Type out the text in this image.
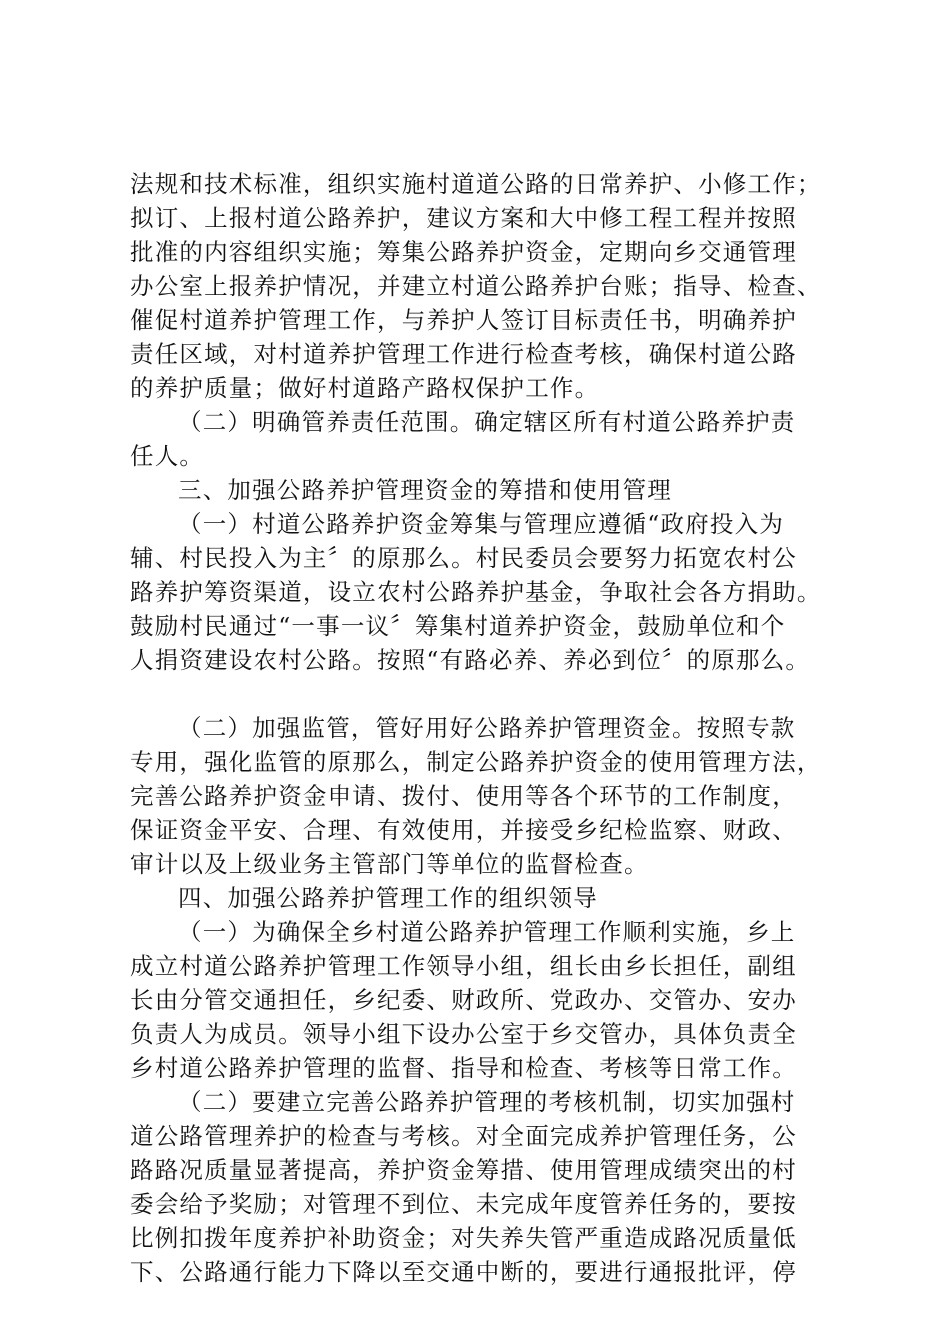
法规和技术标准，组织实施村道道公路的日常养护、小修工作；
拟订、上报村道公路养护，建议方案和大中修工程工程并按照
批准的内容组织实施；筹集公路养护资金，定期向乡交通管理
办公室上报养护情况，并建立村道公路养护台账；指导、检查、
催促村道养护管理工作，与养护人签订目标责任书，明确养护
责任区域，对村道养护管理工作进行检查考核，确保村道公路
的养护质量；做好村道路产路权保护工作。
（二）明确管养责任范围。确定辖区所有村道公路养护责
任人。
三、加强公路养护管理资金的筹措和使用管理
（一）村道公路养护资金筹集与管理应遵循“政府投入为
辅、村民投入为主〞的原那么。村民委员会要努力拓宽农村公
路养护筹资渠道，设立农村公路养护基金，争取社会各方捐助。
鼓励村民通过“一事一议〞筹集村道养护资金，鼓励单位和个
人捐资建设农村公路。按照“有路必养、养必到位〞的原那么。
（二）加强监管，管好用好公路养护管理资金。按照专款
专用，强化监管的原那么，制定公路养护资金的使用管理方法，
完善公路养护资金申请、拨付、使用等各个环节的工作制度，
保证资金平安、合理、有效使用，并接受乡纪检监察、财政、
审计以及上级业务主管部门等单位的监督检查。
四、加强公路养护管理工作的组织领导
（一）为确保全乡村道公路养护管理工作顺利实施，乡上
成立村道公路养护管理工作领导小组，组长由乡长担任，副组
长由分管交通担任，乡纪委、财政所、党政办、交管办、安办
负责人为成员。领导小组下设办公室于乡交管办，具体负责全
乡村道公路养护管理的监督、指导和检查、考核等日常工作。
（二）要建立完善公路养护管理的考核机制，切实加强村
道公路管理养护的检查与考核。对全面完成养护管理任务，公
路路况质量显著提高，养护资金筹措、使用管理成绩突出的村
委会给予奖励；对管理不到位、未完成年度管养任务的，要按
比例扣拨年度养护补助资金；对失养失管严重造成路况质量低
下、公路通行能力下降以至交通中断的，要进行通报批评，停
